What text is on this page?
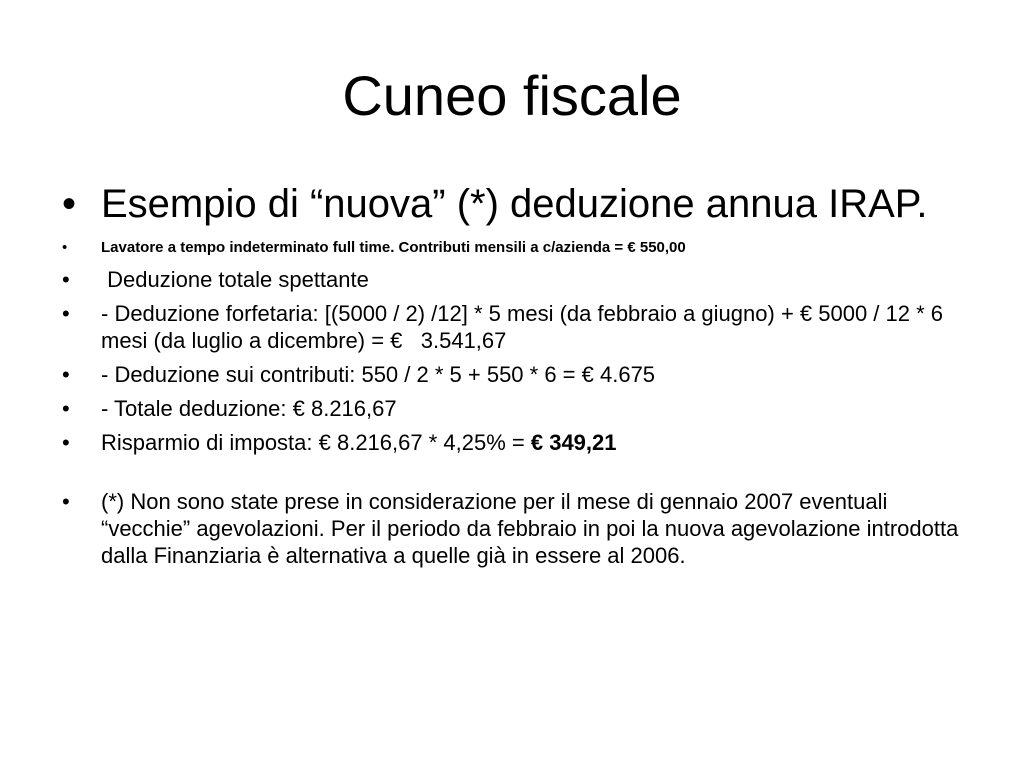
Cuneo fiscale
• Esempio di “nuova” (*) deduzione annua IRAP.
• Lavatore a tempo indeterminato full time. Contributi mensili a c/azienda = € 550,00
• Deduzione totale spettante
• - Deduzione forfetaria: [(5000 / 2) /12] * 5 mesi (da febbraio a giugno) + € 5000 / 12 * 6 mesi (da luglio a dicembre) = €   3.541,67
• - Deduzione sui contributi: 550 / 2 * 5 + 550 * 6 = € 4.675
• - Totale deduzione: € 8.216,67
• Risparmio di imposta: € 8.216,67 * 4,25% = € 349,21
• (*) Non sono state prese in considerazione per il mese di gennaio 2007 eventuali “vecchie” agevolazioni. Per il periodo da febbraio in poi la nuova agevolazione introdotta dalla Finanziaria è alternativa a quelle già in essere al 2006.
